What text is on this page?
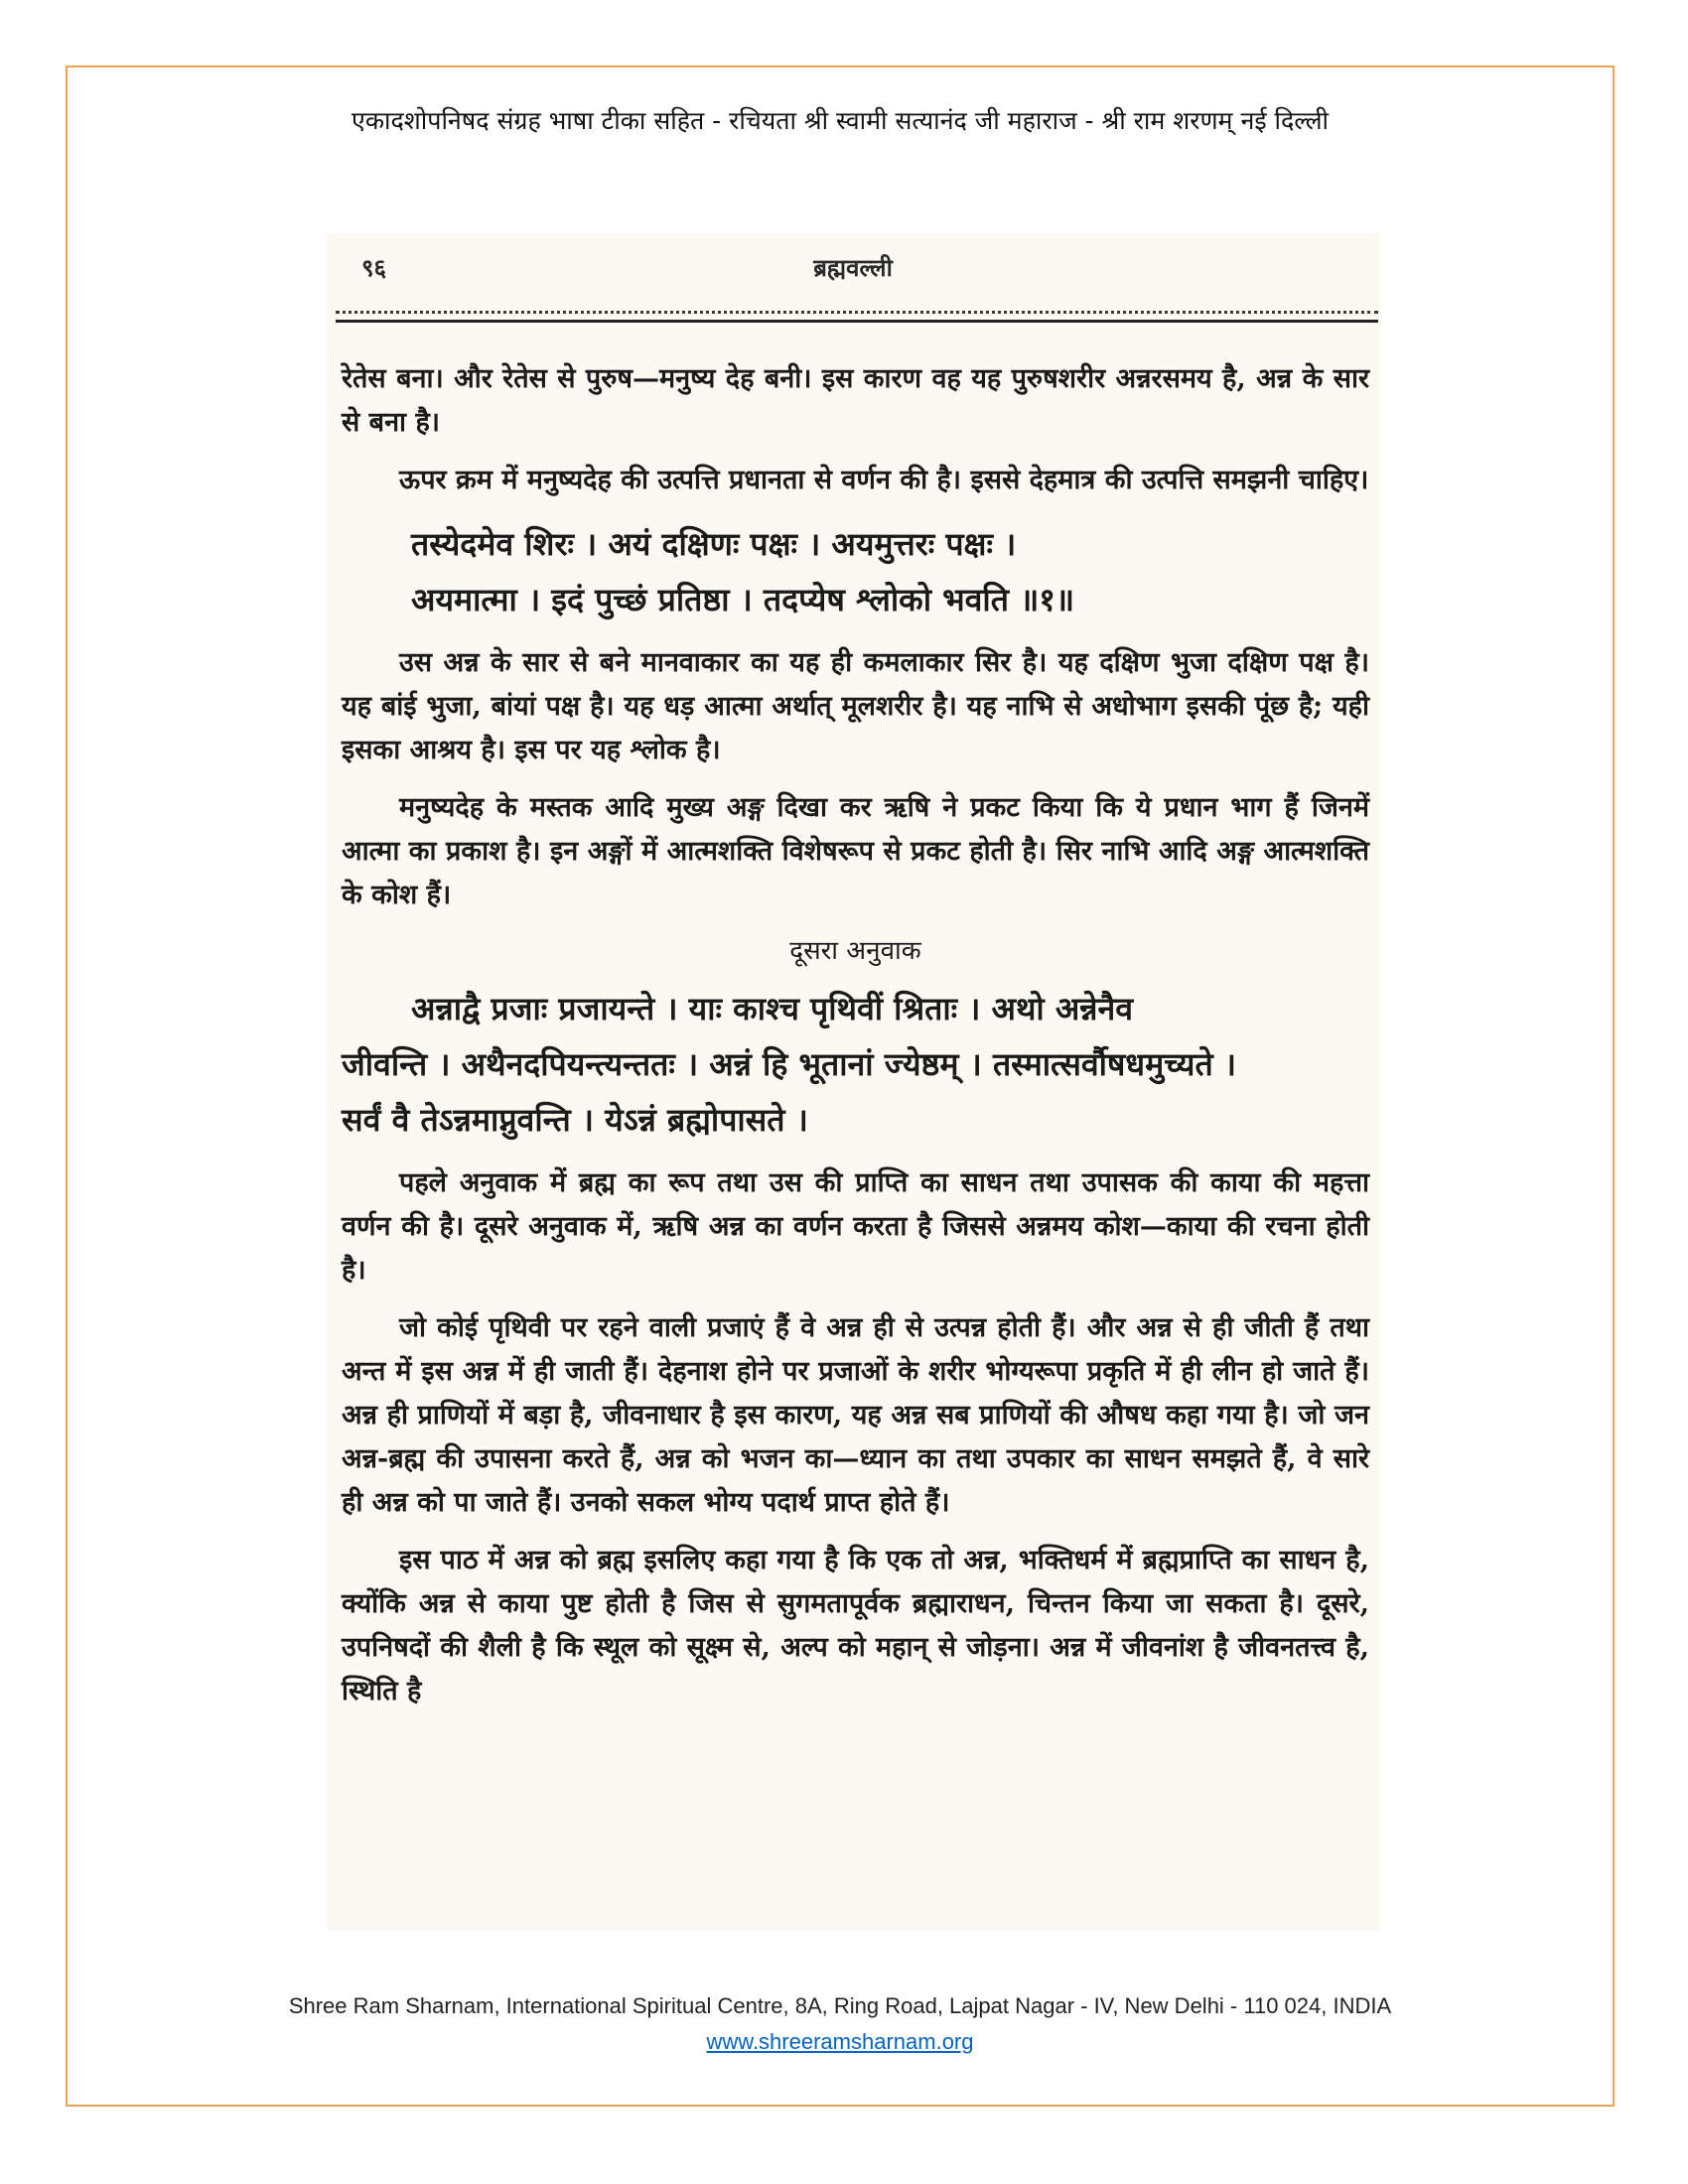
एकादशोपनिषद संग्रह भाषा टीका सहित - रचियता श्री स्वामी सत्यानंद जी महाराज - श्री राम शरणम् नई दिल्ली
९६	ब्रह्मवल्ली

रेतेस बना। और रेतेस से पुरुष—मनुष्य देह बनी। इस कारण वह यह पुरुषशरीर अन्नरसमय है, अन्न के सार से बना है।

ऊपर क्रम में मनुष्यदेह की उत्पत्ति प्रधानता से वर्णन की है। इससे देहमात्र की उत्पत्ति समझनी चाहिए।

तस्येदमेव शिरः । अयं दक्षिणः पक्षः । अयमुत्तरः पक्षः ।
अयमात्मा । इदं पुच्छं प्रतिष्ठा । तदप्येष श्लोको भवति ॥१॥

उस अन्न के सार से बने मानवाकार का यह ही कमलाकार सिर है। यह दक्षिण भुजा दक्षिण पक्ष है। यह बांई भुजा, बांयां पक्ष है। यह धड़ आत्मा अर्थात् मूलशरीर है। यह नाभि से अधोभाग इसकी पूंछ है; यही इसका आश्रय है। इस पर यह श्लोक है।

मनुष्यदेह के मस्तक आदि मुख्य अङ्ग दिखा कर ऋषि ने प्रकट किया कि ये प्रधान भाग हैं जिनमें आत्मा का प्रकाश है। इन अङ्गों में आत्मशक्ति विशेषरूप से प्रकट होती है। सिर नाभि आदि अङ्ग आत्मशक्ति के कोश हैं।

दूसरा अनुवाक
अन्नाद्वै प्रजाः प्रजायन्ते । याः काश्च पृथिवीं श्रिताः । अथो अन्नेनैव
जीवन्ति । अथैनदपियन्त्यन्ततः । अन्नं हि भूतानां ज्येष्ठम् । तस्मात्सर्वौषधमुच्यते ।
सर्वं वै तेऽन्नमाप्नुवन्ति । येऽन्नं ब्रह्मोपासते ।

पहले अनुवाक में ब्रह्म का रूप तथा उस की प्राप्ति का साधन तथा उपासक की काया की महत्ता वर्णन की है। दूसरे अनुवाक में, ऋषि अन्न का वर्णन करता है जिससे अन्नमय कोश—काया की रचना होती है।

जो कोई पृथिवी पर रहने वाली प्रजाएं हैं वे अन्न ही से उत्पन्न होती हैं। और अन्न से ही जीती हैं तथा अन्त में इस अन्न में ही जाती हैं। देहनाश होने पर प्रजाओं के शरीर भोग्यरूपा प्रकृति में ही लीन हो जाते हैं। अन्न ही प्राणियों में बड़ा है, जीवनाधार है इस कारण, यह अन्न सब प्राणियों की औषध कहा गया है। जो जन अन्न-ब्रह्म की उपासना करते हैं, अन्न को भजन का—ध्यान का तथा उपकार का साधन समझते हैं, वे सारे ही अन्न को पा जाते हैं। उनको सकल भोग्य पदार्थ प्राप्त होते हैं।

इस पाठ में अन्न को ब्रह्म इसलिए कहा गया है कि एक तो अन्न, भक्तिधर्म में ब्रह्मप्राप्ति का साधन है, क्योंकि अन्न से काया पुष्ट होती है जिस से सुगमतापूर्वक ब्रह्माराधन, चिन्तन किया जा सकता है। दूसरे, उपनिषदों की शैली है कि स्थूल को सूक्ष्म से, अल्प को महान् से जोड़ना। अन्न में जीवनांश है जीवनतत्त्व है, स्थिति है

Shree Ram Sharnam, International Spiritual Centre, 8A, Ring Road, Lajpat Nagar - IV, New Delhi - 110 024, INDIA
www.shreeramsharnam.org
